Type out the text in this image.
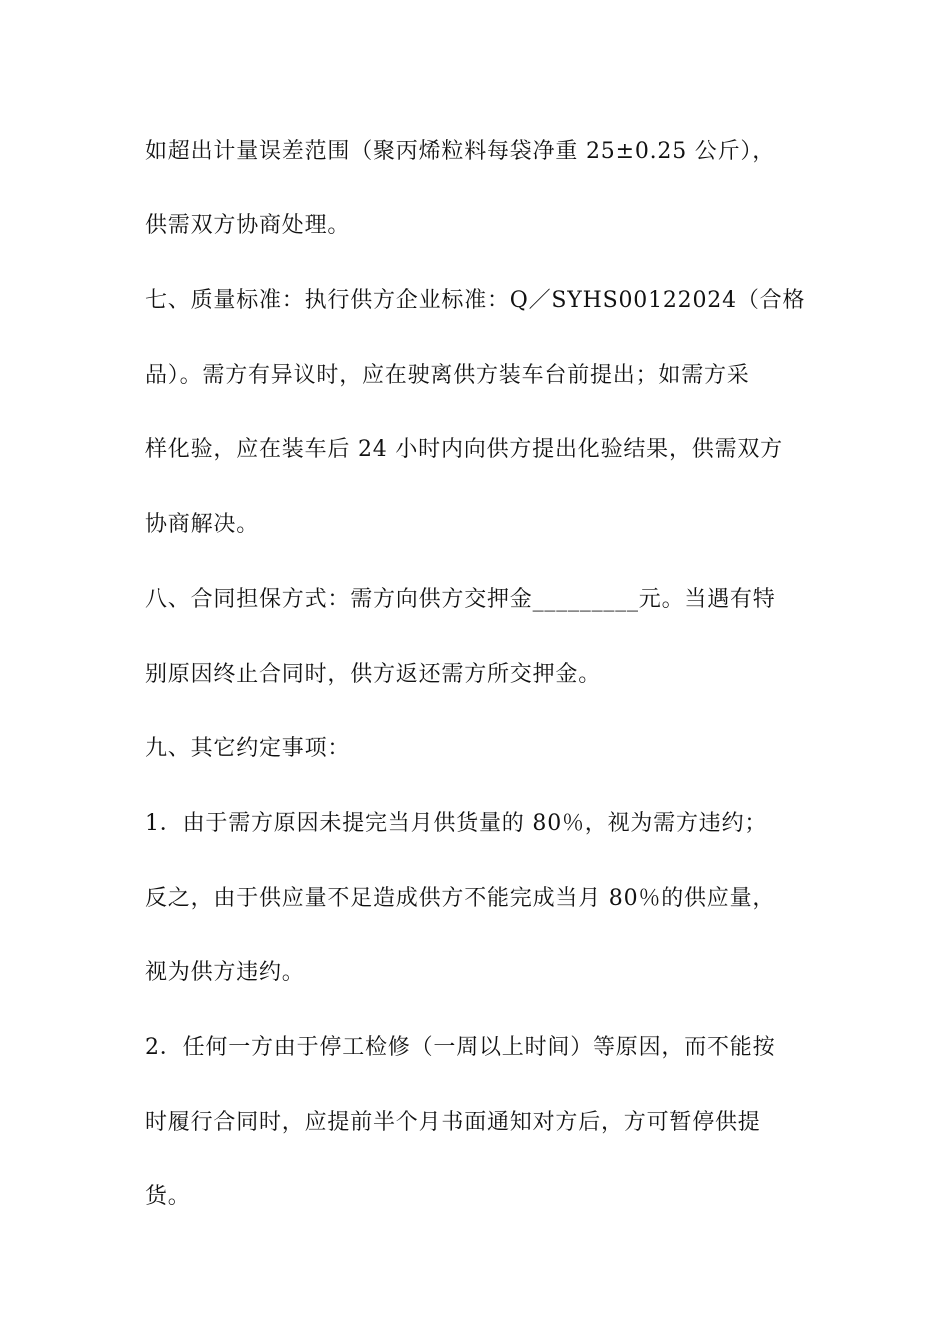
如超出计量误差范围（聚丙烯粒料每袋净重 25±0.25 公斤），
供需双方协商处理。
七、质量标准：执行供方企业标准：Q／SYHS00122024（合格
品）。需方有异议时，应在驶离供方装车台前提出；如需方采
样化验，应在装车后 24 小时内向供方提出化验结果，供需双方
协商解决。
八、合同担保方式：需方向供方交押金_________元。当遇有特
别原因终止合同时，供方返还需方所交押金。
九、其它约定事项：
1．由于需方原因未提完当月供货量的 80％，视为需方违约；
反之，由于供应量不足造成供方不能完成当月 80％的供应量，
视为供方违约。
2．任何一方由于停工检修（一周以上时间）等原因，而不能按
时履行合同时，应提前半个月书面通知对方后，方可暂停供提
货。
